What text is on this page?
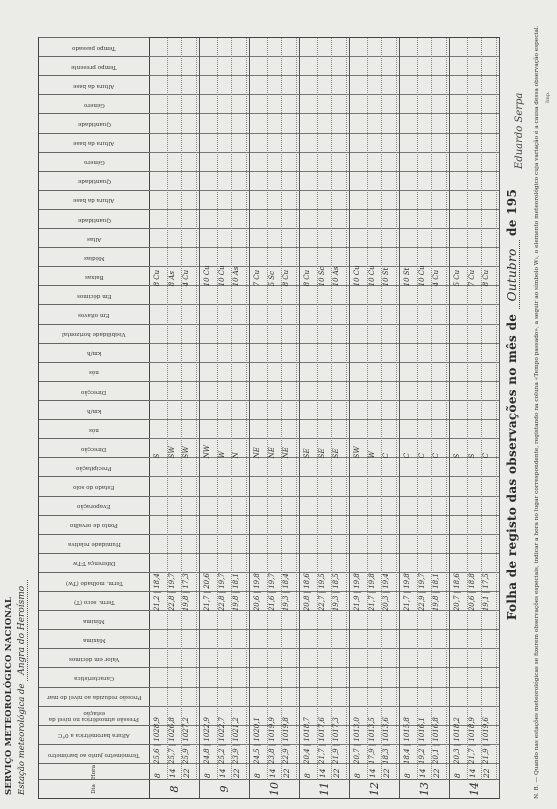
SERVIÇO METEOROLÓGICO NACIONAL Estação meteorológica de Angra do Heroísmo
Dia
Hora
Termómetro junto ao barómetro
Altura barométrica a 0°C
Pressão atmosférica no nível da estação
Pressão reduzida ao nível do mar
Característica
Valor em décimos
Máxima
Mínima
Term. seco (T)
Term. molhado (Tw)
Diferença T-Tw
Humidade relativa
Ponto de orvalho
Evaporação
Estado do solo
Precipitação
Direcção
nós
km/h
Direcção
nós
km/h
Visibilidade horizontal
Em oitavos
Em décimos
Baixas
Médias
Altas
Quantidade
Altura da base
Quantidade
Género
Altura da base
Quantidade
Género
Altura da base
Tempo presente
Tempo passado
8
8
25,6 | 1028,9
21,2 | 18,4
S
8 Cu
14
25,7 | 1026,8
22,8 | 19,7
SW
8 As
22
25,9 | 1027,2
19,8 | 17,3
SW
4 Cu
9
8
24,8 | 1022,9
21,7 | 20,6
NW
10 Cu
14
25,2 | 1022,7
22,8 | 19,7
W
10 Cu
22
23,9 | 1021,2
19,8 | 18,1
N
10 As
10
8
24,5 | 1020,1
20,6 | 19,8
NE
7 Cu
14
23,8 | 1019,9
21,6 | 19,7
NE
5 Sc
22
22,9 | 1019,8
19,3 | 18,4
NE
8 Cu
11
8
20,4 | 1018,7
20,8 | 18,6
SE
8 Cu
14
21,7 | 1017,6
22,7 | 19,5
SE
10 Sc
22
21,9 | 1017,3
19,3 | 18,5
SE
10 As
12
8
20,7 | 1013,0
21,9 | 19,8
SW
10 Cu
14
17,9 | 1013,5
21,7 | 19,8
W
10 Cu
22
18,3 | 1013,6
20,3 | 19,4
C
10 St
13
8
18,4 | 1015,8
21,7 | 19,8
C
10 St
14
19,2 | 1016,1
22,9 | 19,7
C
10 Cu
22
20,1 | 1016,8
19,8 | 18,1
C
4 Cu
14
8
20,3 | 1018,2
20,7 | 18,6
S
5 Cu
14
21,7 | 1018,9
20,6 | 18,8
S
7 Cu
22
21,9 | 1019,6
19,1 | 17,5
C
8 Cu
Folha de registo das observações no mês de Outubro de 195
Eduardo Serpa N. B. — Quando nas estações meteorológicas se fizerem observações especiais, indicar a hora no lugar correspondente, registando na coluna «Tempo passado», a seguir ao símbolo W₁, o elemento meteorológico cuja variação é a causa dessa observação especial. Imp.
